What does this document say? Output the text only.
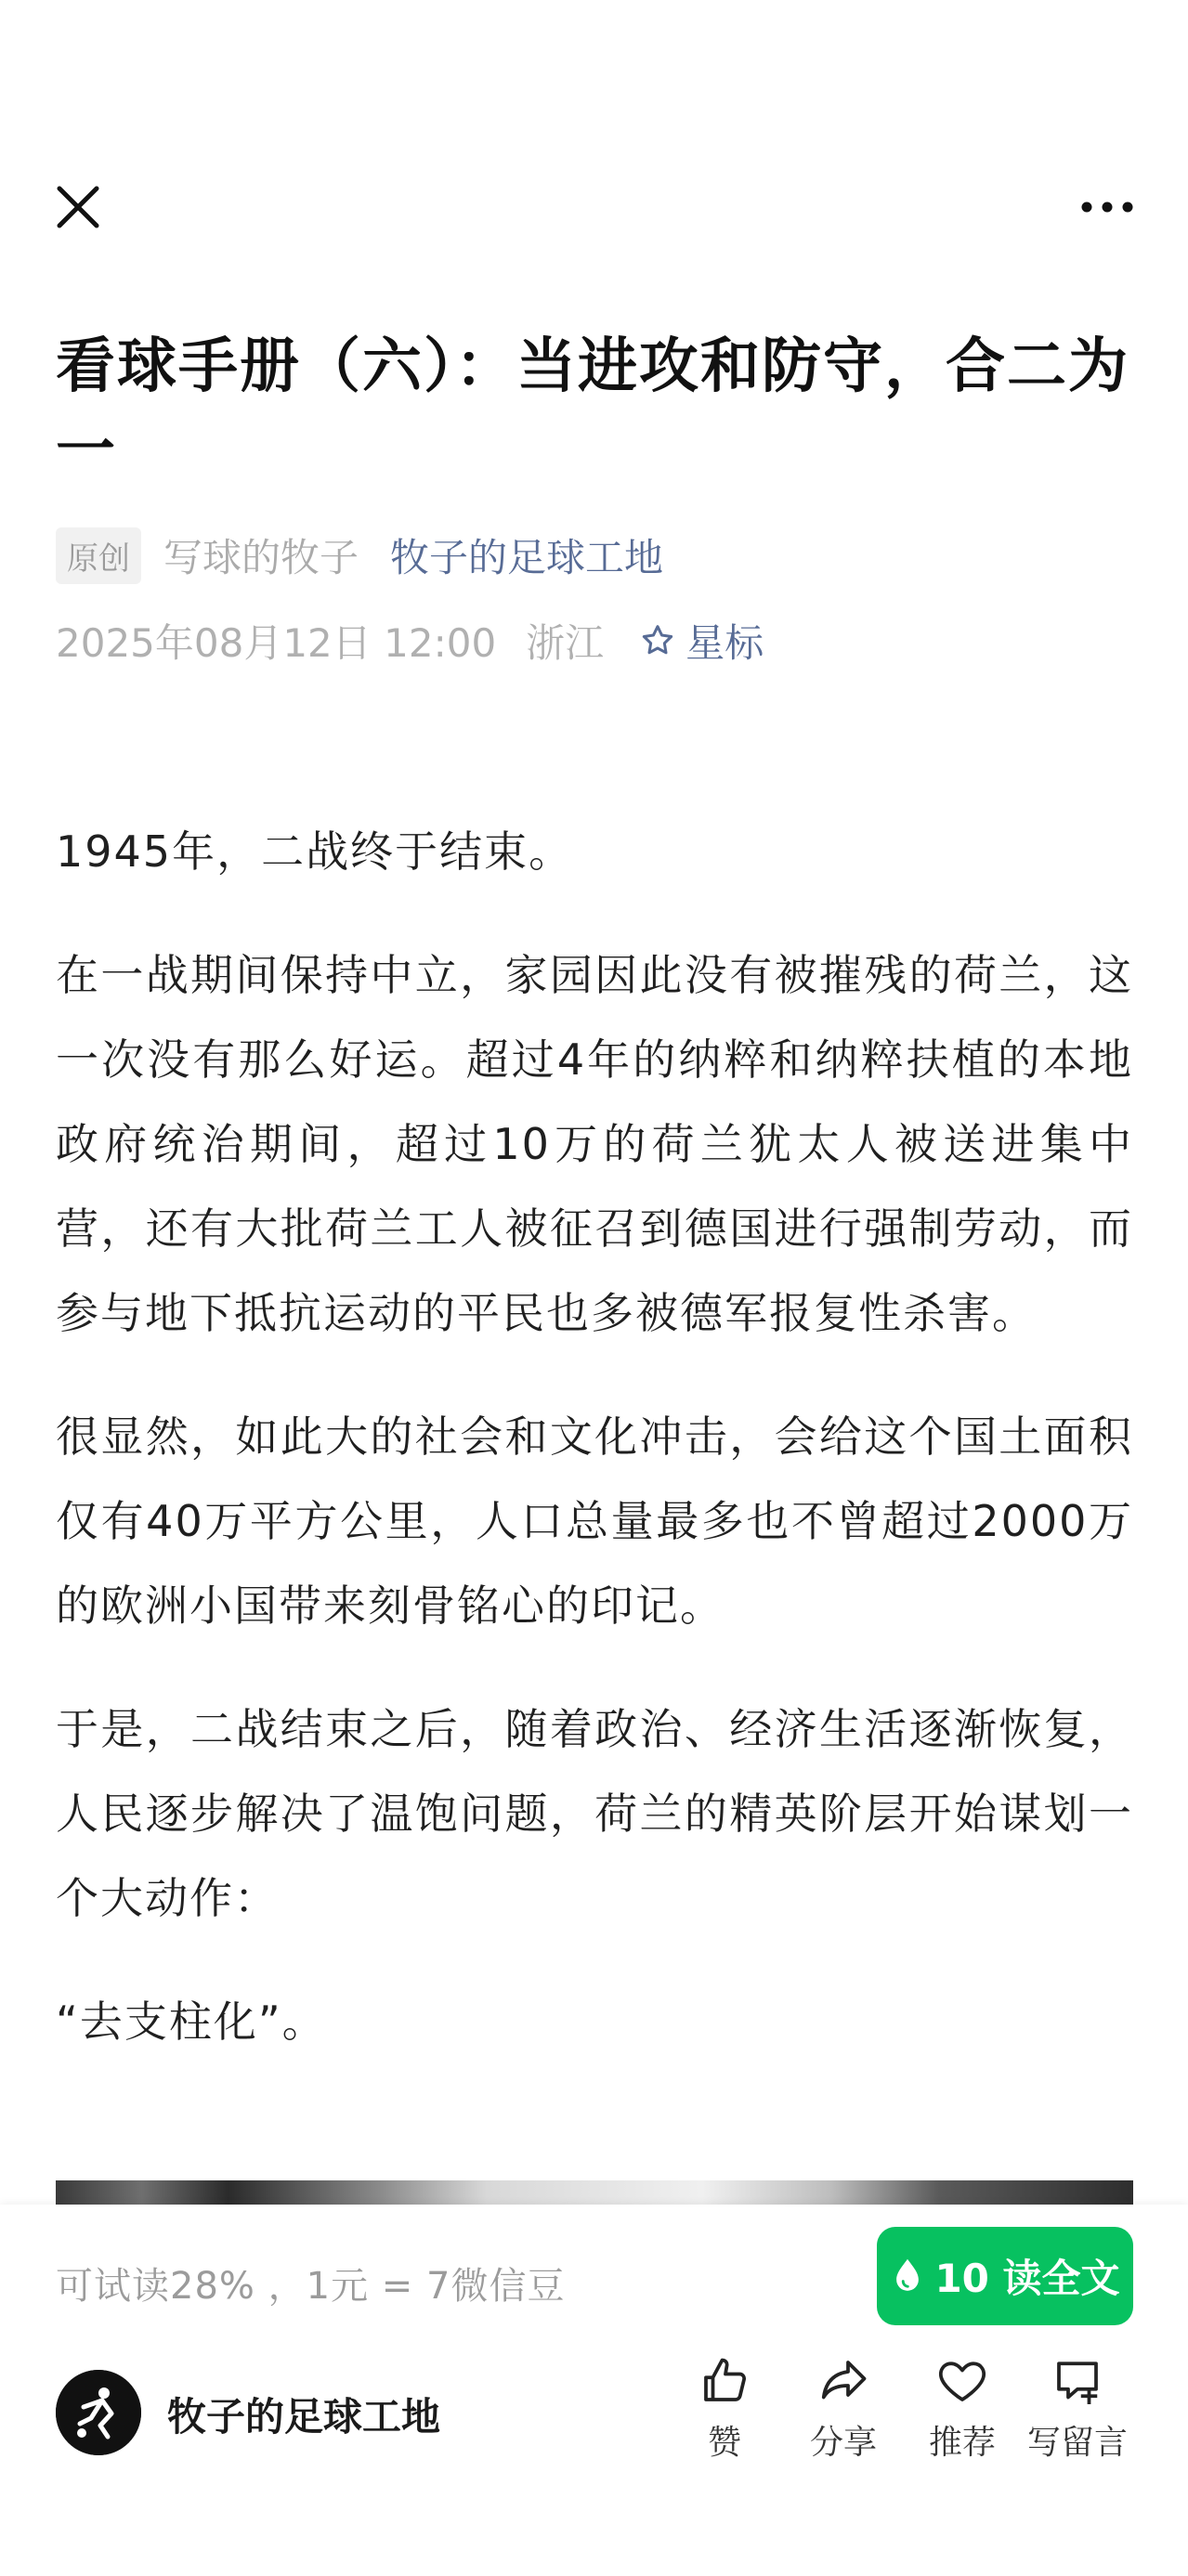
看球手册（六）：当进攻和防守，合二为一
原创 写球的牧子 牧子的足球工地
2025年08月12日 12:00 浙江 星标

1945年，二战终于结束。

在一战期间保持中立，家园因此没有被摧残的荷兰，这一次没有那么好运。超过4年的纳粹和纳粹扶植的本地政府统治期间，超过10万的荷兰犹太人被送进集中营，还有大批荷兰工人被征召到德国进行强制劳动，而参与地下抵抗运动的平民也多被德军报复性杀害。

很显然，如此大的社会和文化冲击，会给这个国土面积仅有40万平方公里，人口总量最多也不曾超过2000万的欧洲小国带来刻骨铭心的印记。

于是，二战结束之后，随着政治、经济生活逐渐恢复，人民逐步解决了温饱问题，荷兰的精英阶层开始谋划一个大动作：

“去支柱化”。

可试读28% ，1元 = 7微信豆	10 读全文
牧子的足球工地
赞	分享	推荐 写留言
